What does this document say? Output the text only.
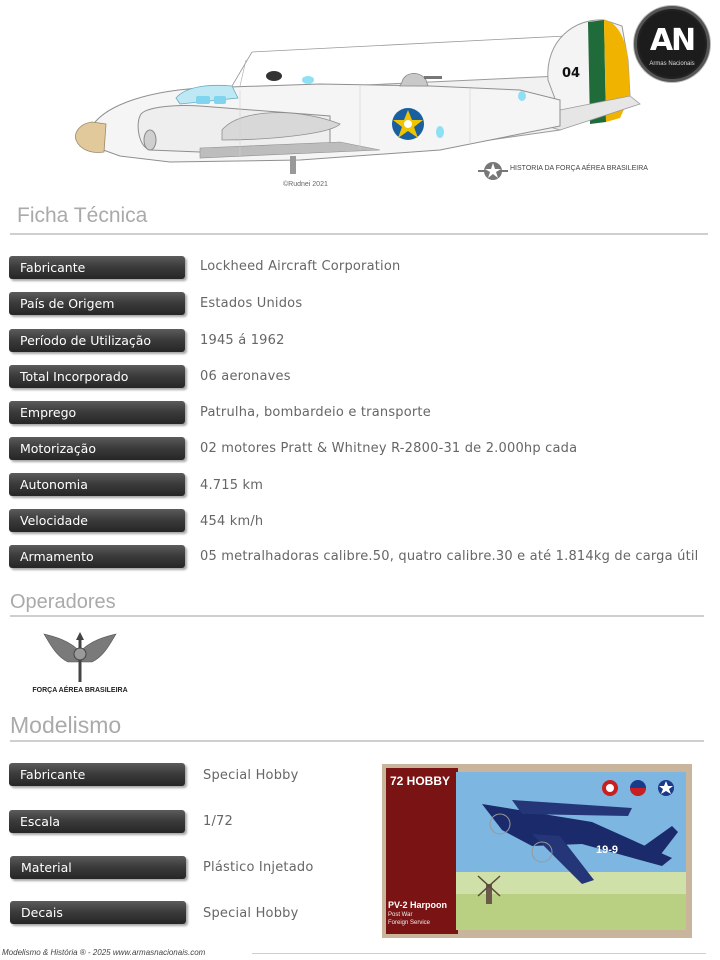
04
©Rudnei 2021
HISTORIA DA FORÇA AÉREA BRASILEIRA
AN
Armas Nacionais
Ficha Técnica
Fabricante	Lockheed Aircraft Corporation
País de Origem	Estados Unidos
Período de Utilização	1945 á 1962
Total Incorporado	06 aeronaves
Emprego	Patrulha, bombardeio e transporte
Motorização	02 motores Pratt & Whitney R-2800-31 de 2.000hp cada
Autonomia	4.715 km
Velocidade	454 km/h
Armamento	05 metralhadoras calibre.50, quatro calibre.30 e até 1.814kg de carga útil
Operadores
FORÇA AÉREA BRASILEIRA
Modelismo
Fabricante	Special Hobby
Escala	1/72
Material	Plástico Injetado
Decais	Special Hobby
72 HOBBY
PV-2 Harpoon
Post War
Foreign Service
19-9
Modelismo & História ® - 2025 www.armasnacionais.com
